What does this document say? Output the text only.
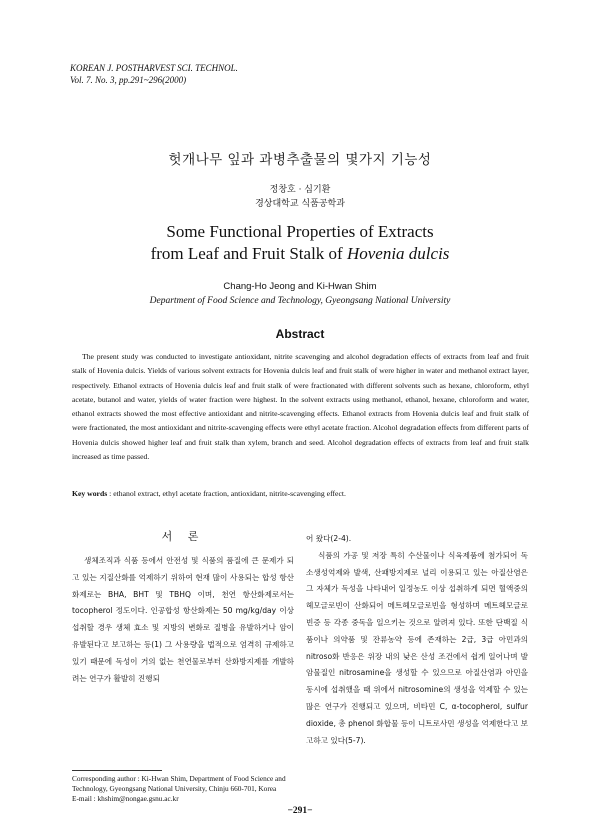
KOREAN J. POSTHARVEST SCI. TECHNOL.
Vol. 7. No. 3, pp.291~296(2000)
헛개나무 잎과 과병추출물의 몇가지 기능성
정창호 · 심기환
경상대학교 식품공학과
Some Functional Properties of Extracts
from Leaf and Fruit Stalk of Hovenia dulcis
Chang-Ho Jeong and Ki-Hwan Shim
Department of Food Science and Technology, Gyeongsang National University
Abstract
The present study was conducted to investigate antioxidant, nitrite scavenging and alcohol degradation effects of extracts from leaf and fruit stalk of Hovenia dulcis. Yields of various solvent extracts for Hovenia dulcis leaf and fruit stalk of were higher in water and methanol extract layer, respectively. Ethanol extracts of Hovenia dulcis leaf and fruit stalk of were fractionated with different solvents such as hexane, chloroform, ethyl acetate, butanol and water, yields of water fraction were highest. In the solvent extracts using methanol, ethanol, hexane, chloroform and water, ethanol extracts showed the most effective antioxidant and nitrite-scavenging effects. Ethanol extracts from Hovenia dulcis leaf and fruit stalk of were fractionated, the most antioxidant and nitrite-scavenging effects were ethyl acetate fraction. Alcohol degradation effects from different parts of Hovenia dulcis showed higher leaf and fruit stalk than xylem, branch and seed. Alcohol degradation effects of extracts from leaf and fruit stalk increased as time passed.
Key words : ethanol extract, ethyl acetate fraction, antioxidant, nitrite-scavenging effect.
서 론
생체조직과 식품 등에서 안전성 및 식품의 품질에 큰 문제가 되고 있는 지질산화를 억제하기 위하여 현재 많이 사용되는 합성 항산화제로는 BHA, BHT 및 TBHQ 이며, 천연 항산화제로서는 tocopherol 정도이다. 인공합성 항산화제는 50 mg/kg/day 이상 섭취할 경우 생체 효소 및 지방의 변화로 질병을 유발하거나 암이 유발된다고 보고하는 등(1) 그 사용량을 법적으로 엄격히 규제하고 있기 때문에 독성이 거의 없는 천연물로부터 산화방지제를 개발하려는 연구가 활발히 진행되

어 왔다(2-4).

식품의 가공 및 저장 특히 수산물이나 식육제품에 첨가되어 독소생성억제와 발색, 산패방지제로 널리 이용되고 있는 아질산염은 그 자체가 독성을 나타내어 일정농도 이상 섭취하게 되면 혈액중의 헤모글로빈이 산화되어 메트헤모글로빈을 형성하며 메트헤모글로빈증 등 각종 중독을 일으키는 것으로 알려져 있다. 또한 단백질 식품이나 의약품 및 잔류농약 등에 존재하는 2급, 3급 아민과의 nitroso화 반응은 위장 내의 낮은 산성 조건에서 쉽게 일어나며 발암물질인 nitrosamine을 생성할 수 있으므로 아질산염과 아민을 동시에 섭취했을 때 위에서 nitrosomine의 생성을 억제할 수 있는 많은 연구가 진행되고 있으며, 비타민 C, α-tocopherol, sulfur dioxide, 총 phenol 화합물 등이 니트로사민 생성을 억제한다고 보고하고 있다(5-7).

Corresponding author : Ki-Hwan Shim, Department of Food Science and Technology, Gyeongsang National University, Chinju 660-701, Korea
E-mail : khshim@nongae.gsnu.ac.kr
−291−
